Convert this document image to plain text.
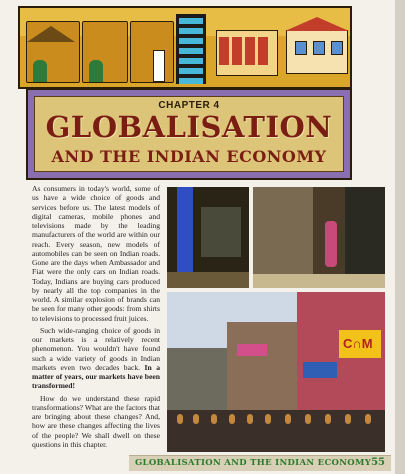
CHAPTER 4
GLOBALISATION
AND THE INDIAN ECONOMY

As consumers in today's world, some of us have a wide choice of goods and services before us. The latest models of digital cameras, mobile phones and televisions made by the leading manufacturers of the world are within our reach. Every season, new models of automobiles can be seen on Indian roads. Gone are the days when Ambassador and Fiat were the only cars on Indian roads. Today, Indians are buying cars produced by nearly all the top companies in the world. A similar explosion of brands can be seen for many other goods: from shirts to televisions to processed fruit juices.

Such wide-ranging choice of goods in our markets is a relatively recent phenomenon. You wouldn't have found such a wide variety of goods in Indian markets even two decades back. In a matter of years, our markets have been transformed!

How do we understand these rapid transformations? What are the factors that are bringing about these changes? And, how are these changes affecting the lives of the people? We shall dwell on these questions in this chapter.

C∩M
GLOBALISATION AND THE INDIAN ECONOMY 55
